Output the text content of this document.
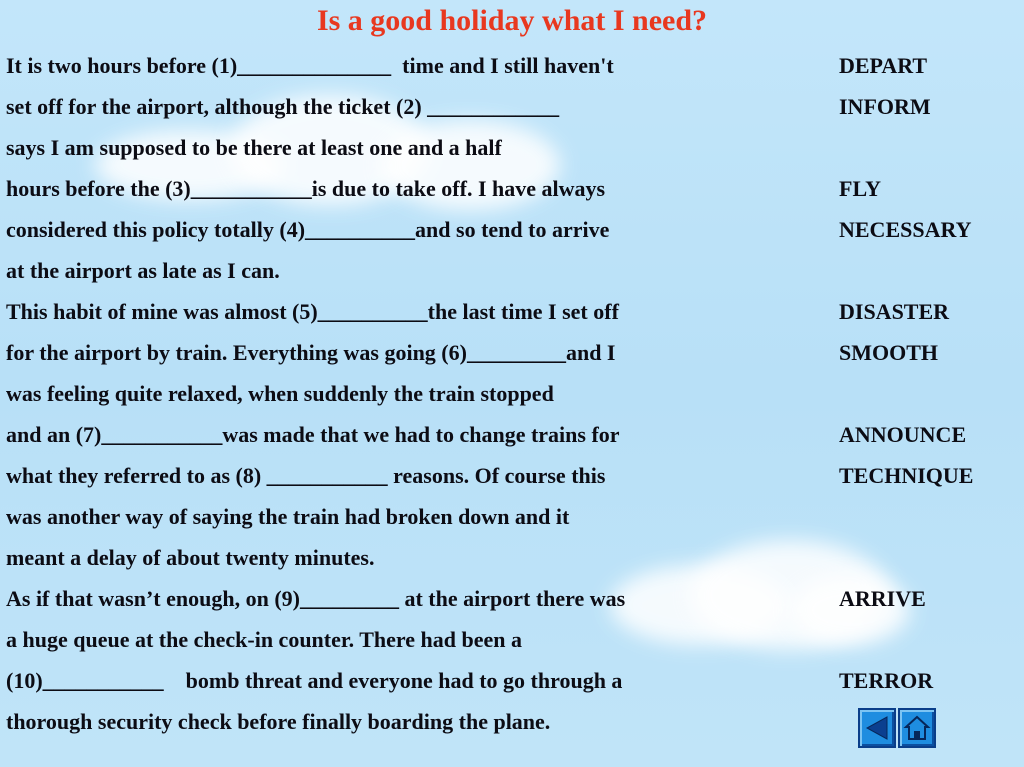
Is a good holiday what I need?
It is two hours before (1)______________  time and I still haven't
set off for the airport, although the ticket (2) ____________
says I am supposed to be there at least one and a half
hours before the (3)___________is due to take off. I have always
considered this policy totally (4)__________and so tend to arrive
at the airport as late as I can.
This habit of mine was almost (5)__________the last time I set off
for the airport by train. Everything was going (6)_________and I
was feeling quite relaxed, when suddenly the train stopped
and an (7)___________was made that we had to change trains for
what they referred to as (8) ___________ reasons. Of course this
was another way of saying the train had broken down and it
meant a delay of about twenty minutes.
As if that wasn’t enough, on (9)_________ at the airport there was
a huge queue at the check-in counter. There had been a
(10)___________    bomb threat and everyone had to go through a
thorough security check before finally boarding the plane.
DEPART
INFORM
FLY
NECESSARY
DISASTER
SMOOTH
ANNOUNCE
TECHNIQUE
ARRIVE
TERROR
